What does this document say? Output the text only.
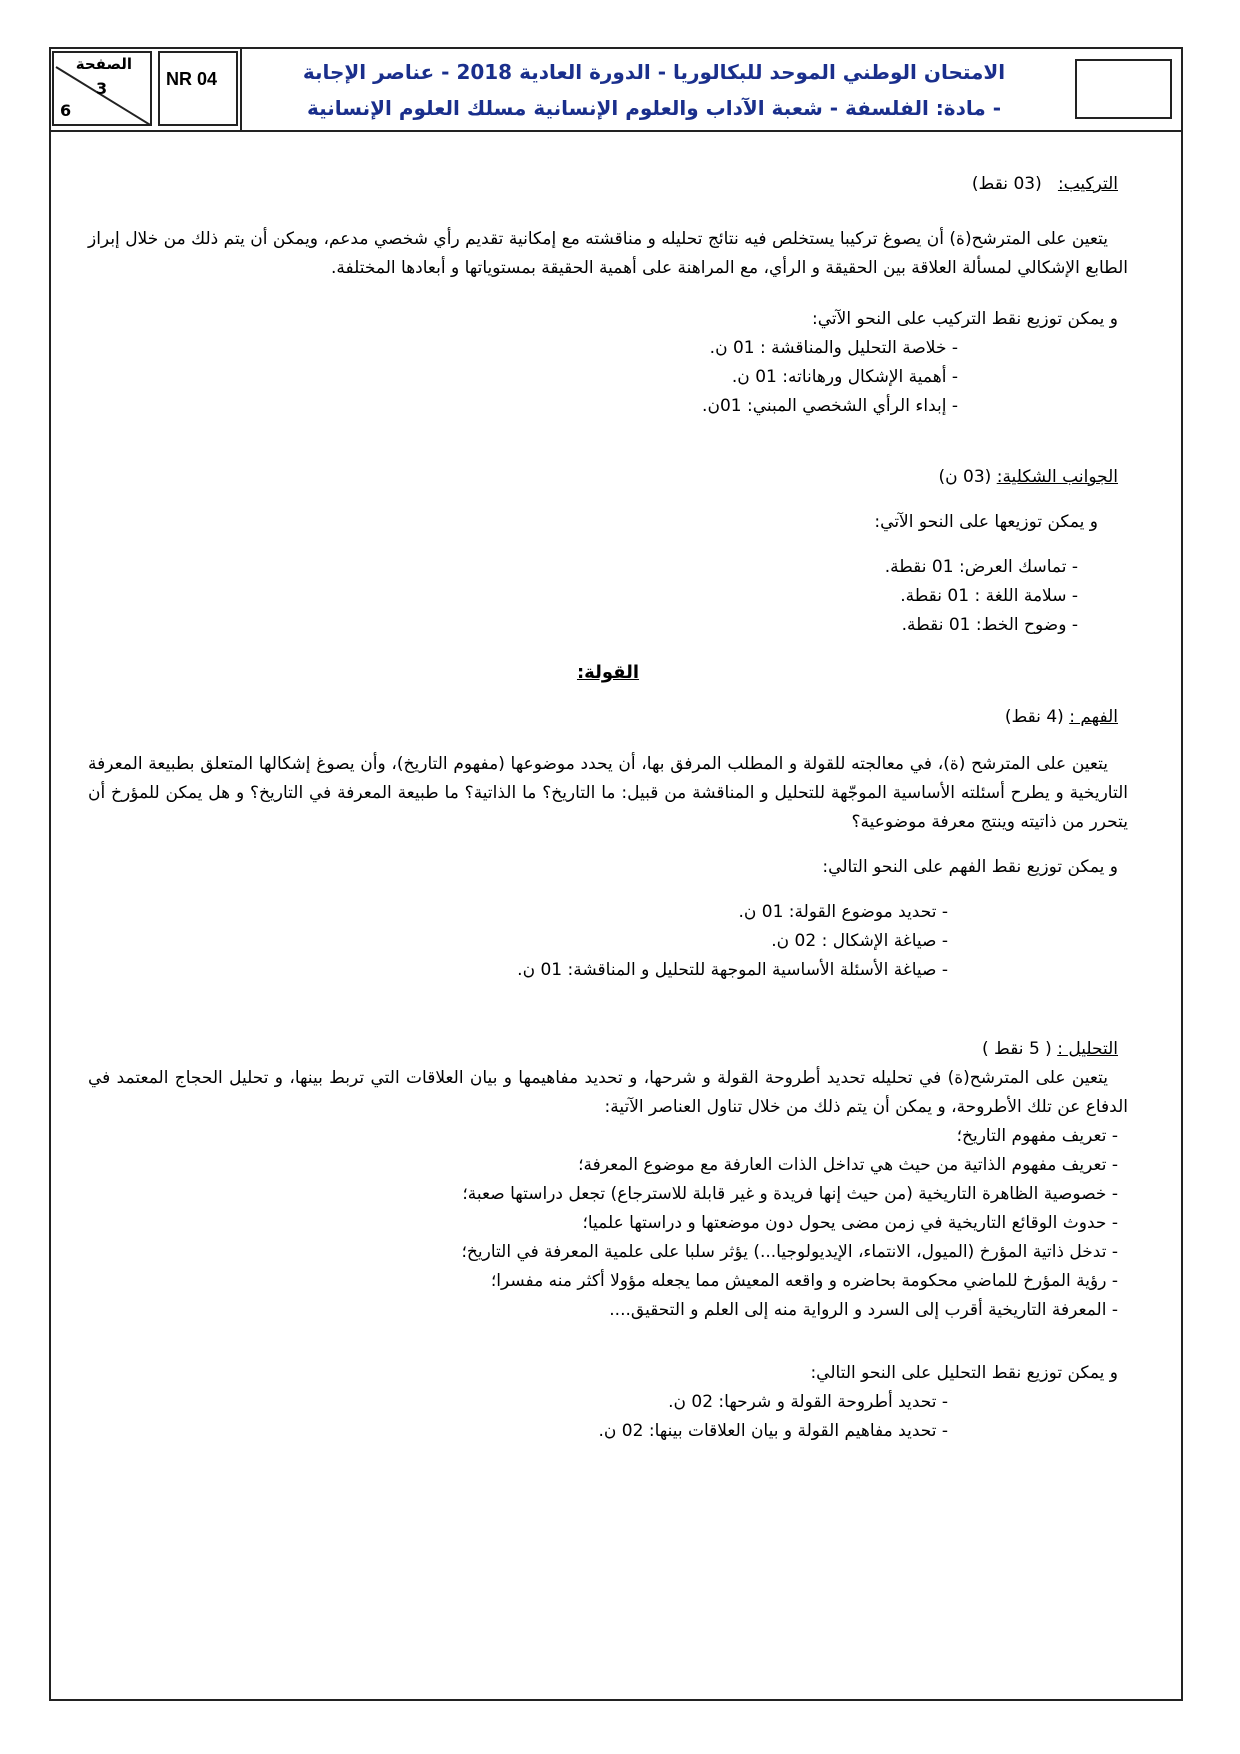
الصفحة
3
6
NR 04	الامتحان الوطني الموحد للبكالوريا - الدورة العادية 2018 - عناصر الإجابة
- مادة: الفلسفة - شعبة الآداب والعلوم الإنسانية مسلك العلوم الإنسانية

التركيب:   (03 نقط)

يتعين على المترشح(ة) أن يصوغ تركيبا يستخلص فيه نتائج تحليله و مناقشته مع إمكانية تقديم رأي شخصي مدعم، ويمكن أن يتم ذلك من خلال إبراز الطابع الإشكالي لمسألة العلاقة بين الحقيقة و الرأي، مع المراهنة على أهمية الحقيقة بمستوياتها و أبعادها المختلفة.

و يمكن توزيع نقط التركيب على النحو الآتي:

- خلاصة التحليل والمناقشة : 01 ن.
- أهمية الإشكال ورهاناته: 01 ن.
- إبداء الرأي الشخصي المبني: 01ن.

الجوانب الشكلية: (03 ن)

و يمكن توزيعها على النحو الآتي:

- تماسك العرض: 01 نقطة.
- سلامة اللغة : 01 نقطة.
- وضوح الخط: 01 نقطة.

القولة:

الفهم : (4 نقط)

يتعين على المترشح (ة)، في معالجته للقولة و المطلب المرفق بها، أن يحدد موضوعها (مفهوم التاريخ)، وأن يصوغ إشكالها المتعلق بطبيعة المعرفة التاريخية و يطرح أسئلته الأساسية الموجّهة للتحليل و المناقشة من قبيل: ما التاريخ؟ ما الذاتية؟ ما طبيعة المعرفة في التاريخ؟ و هل يمكن للمؤرخ أن يتحرر من ذاتيته وينتج معرفة موضوعية؟

و يمكن توزيع نقط الفهم على النحو التالي:

- تحديد موضوع القولة: 01 ن.
- صياغة الإشكال : 02 ن.
- صياغة الأسئلة الأساسية الموجهة للتحليل و المناقشة: 01 ن.

التحليل : ( 5 نقط )

يتعين على المترشح(ة) في تحليله تحديد أطروحة القولة و شرحها، و تحديد مفاهيمها و بيان العلاقات التي تربط بينها، و تحليل الحجاج المعتمد في الدفاع عن تلك الأطروحة، و يمكن أن يتم ذلك من خلال تناول العناصر الآتية:

- تعريف مفهوم التاريخ؛
- تعريف مفهوم الذاتية من حيث هي تداخل الذات العارفة مع موضوع المعرفة؛
- خصوصية الظاهرة التاريخية (من حيث إنها فريدة و غير قابلة للاسترجاع) تجعل دراستها صعبة؛
- حدوث الوقائع التاريخية في زمن مضى يحول دون موضعتها و دراستها علميا؛
- تدخل ذاتية المؤرخ (الميول، الانتماء، الإيديولوجيا...) يؤثر سلبا على علمية المعرفة في التاريخ؛
- رؤية المؤرخ للماضي محكومة بحاضره و واقعه المعيش مما يجعله مؤولا أكثر منه مفسرا؛
- المعرفة التاريخية أقرب إلى السرد و الرواية منه إلى العلم و التحقيق....

و يمكن توزيع نقط التحليل على النحو التالي:

- تحديد أطروحة القولة و شرحها: 02 ن.
- تحديد مفاهيم القولة و بيان العلاقات بينها: 02 ن.
